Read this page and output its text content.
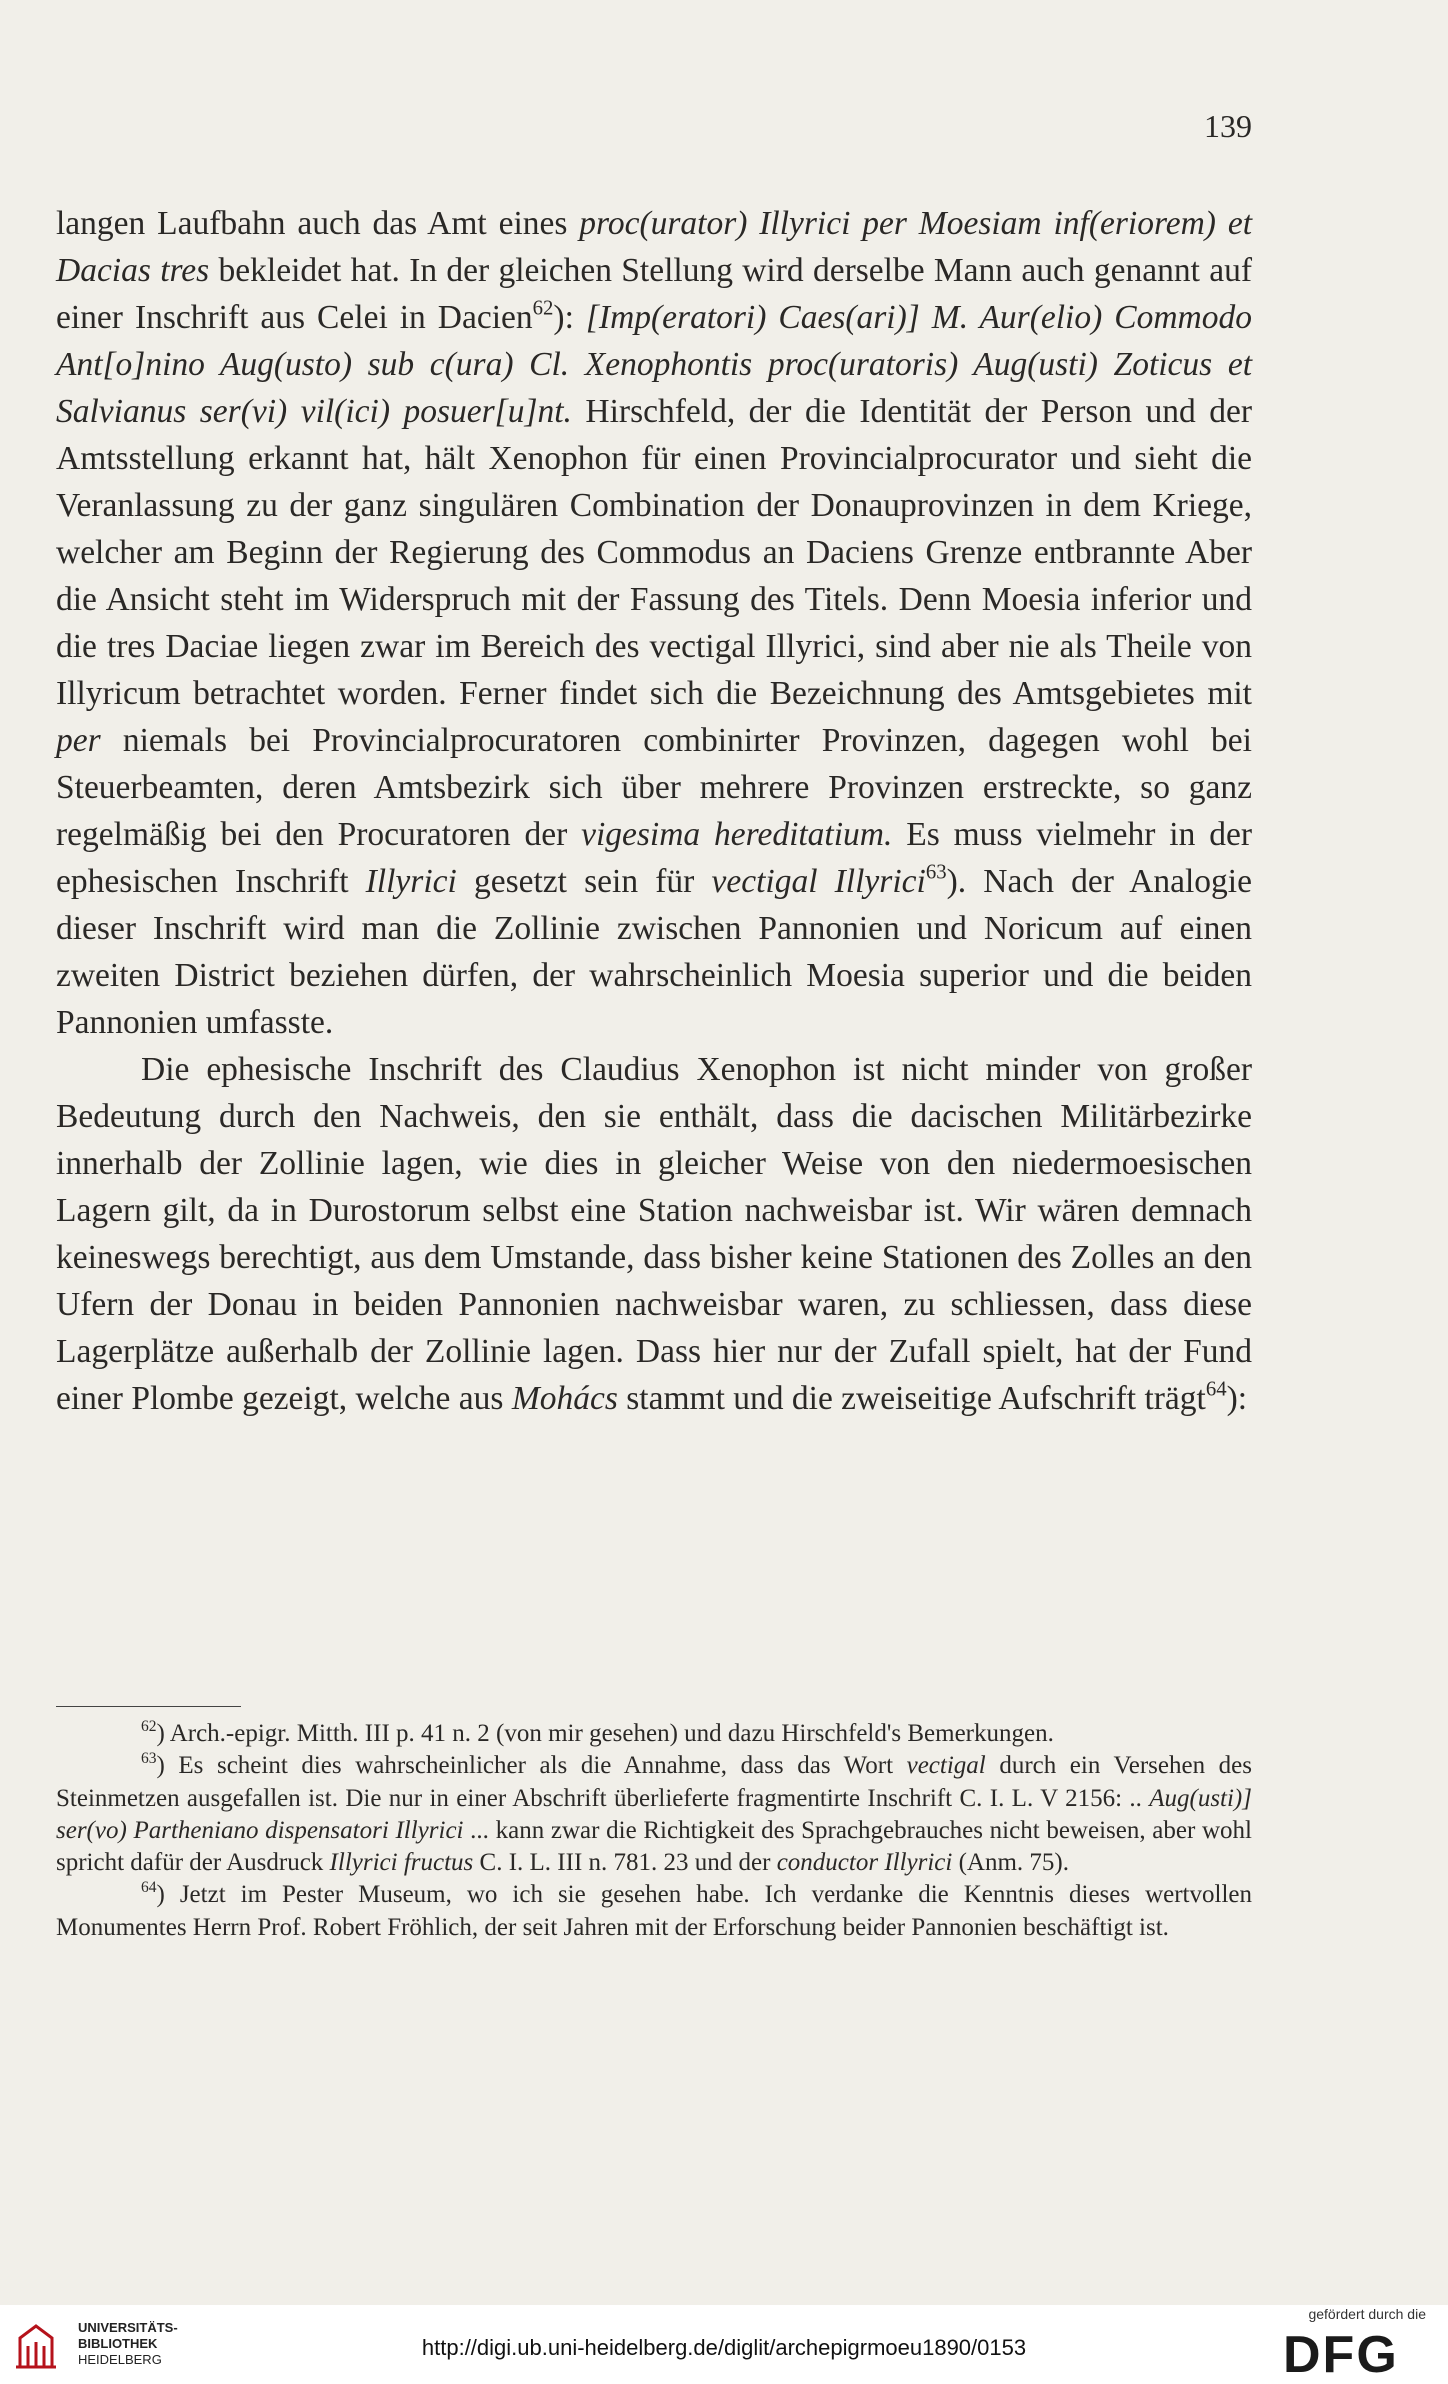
139

langen Laufbahn auch das Amt eines proc(urator) Illyrici per Moesiam inf(eriorem) et Dacias tres bekleidet hat. In der gleichen Stellung wird derselbe Mann auch genannt auf einer Inschrift aus Celei in Dacien$^{62}$): [Imp(eratori) Caes(ari)] M. Aur(elio) Commodo Ant[o]nino Aug(usto) sub c(ura) Cl. Xenophontis proc(uratoris) Aug(usti) Zoticus et Salvianus ser(vi) vil(ici) posuer[u]nt. Hirschfeld, der die Identität der Person und der Amtsstellung erkannt hat, hält Xenophon für einen Provincialprocurator und sieht die Veranlassung zu der ganz singulären Combination der Donauprovinzen in dem Kriege, welcher am Beginn der Regierung des Commodus an Daciens Grenze entbrannte Aber die Ansicht steht im Widerspruch mit der Fassung des Titels. Denn Moesia inferior und die tres Daciae liegen zwar im Bereich des vectigal Illyrici, sind aber nie als Theile von Illyricum betrachtet worden. Ferner findet sich die Bezeichnung des Amtsgebietes mit per niemals bei Provincialprocuratoren combinirter Provinzen, dagegen wohl bei Steuerbeamten, deren Amtsbezirk sich über mehrere Provinzen erstreckte, so ganz regelmäßig bei den Procuratoren der vigesima hereditatium. Es muss vielmehr in der ephesischen Inschrift Illyrici gesetzt sein für vectigal Illyrici$^{63}$). Nach der Analogie dieser Inschrift wird man die Zollinie zwischen Pannonien und Noricum auf einen zweiten District beziehen dürfen, der wahrscheinlich Moesia superior und die beiden Pannonien umfasste.

Die ephesische Inschrift des Claudius Xenophon ist nicht minder von großer Bedeutung durch den Nachweis, den sie enthält, dass die dacischen Militärbezirke innerhalb der Zollinie lagen, wie dies in gleicher Weise von den niedermoesischen Lagern gilt, da in Durostorum selbst eine Station nachweisbar ist. Wir wären demnach keineswegs berechtigt, aus dem Umstande, dass bisher keine Stationen des Zolles an den Ufern der Donau in beiden Pannonien nachweisbar waren, zu schliessen, dass diese Lagerplätze außerhalb der Zollinie lagen. Dass hier nur der Zufall spielt, hat der Fund einer Plombe gezeigt, welche aus Mohács stammt und die zweiseitige Aufschrift trägt$^{64}$):

$^{62}$) Arch.-epigr. Mitth. III p. 41 n. 2 (von mir gesehen) und dazu Hirschfeld's Bemerkungen.

$^{63}$) Es scheint dies wahrscheinlicher als die Annahme, dass das Wort vectigal durch ein Versehen des Steinmetzen ausgefallen ist. Die nur in einer Abschrift überlieferte fragmentirte Inschrift C. I. L. V 2156: .. Aug(usti)] ser(vo) Partheniano dispensatori Illyrici ... kann zwar die Richtigkeit des Sprachgebrauches nicht beweisen, aber wohl spricht dafür der Ausdruck Illyrici fructus C. I. L. III n. 781. 23 und der conductor Illyrici (Anm. 75).

$^{64}$) Jetzt im Pester Museum, wo ich sie gesehen habe. Ich verdanke die Kenntnis dieses wertvollen Monumentes Herrn Prof. Robert Fröhlich, der seit Jahren mit der Erforschung beider Pannonien beschäftigt ist.

UNIVERSITÄTS-
BIBLIOTHEK
HEIDELBERG	http://digi.ub.uni-heidelberg.de/diglit/archepigrmoeu1890/0153
gefördert durch die
DFG
